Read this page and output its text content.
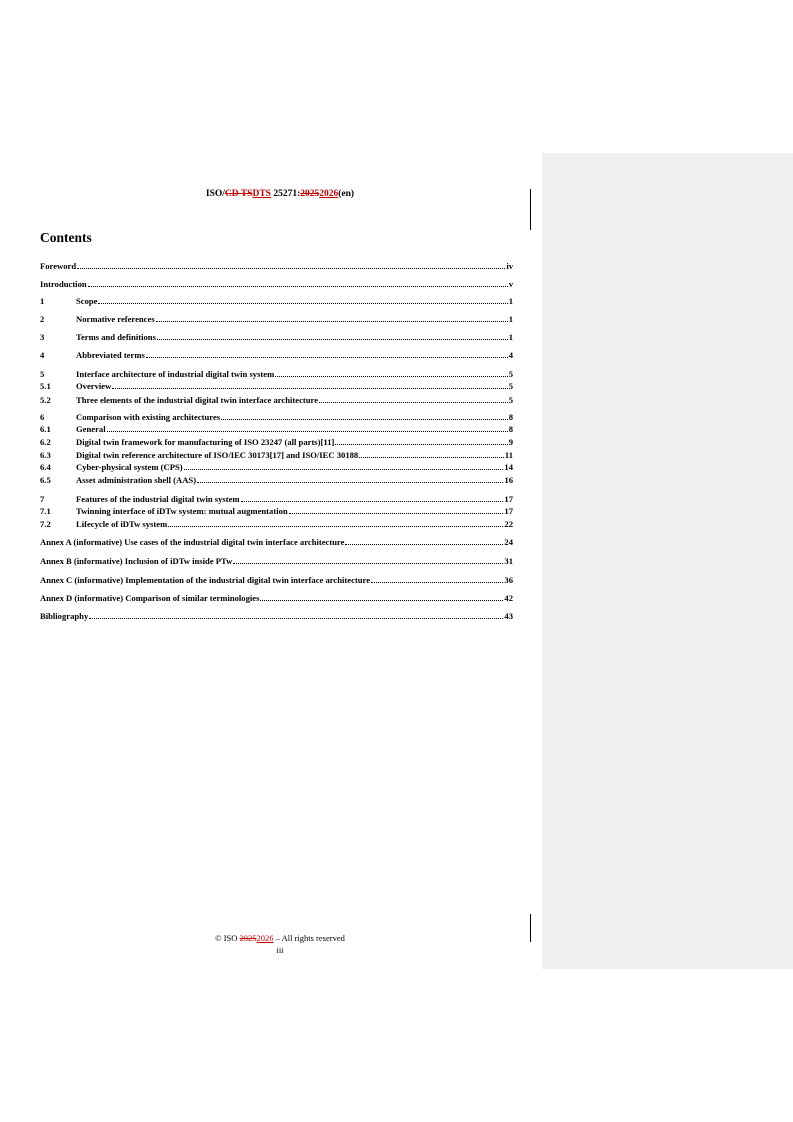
ISO/CD TSDTS 25271:20252026(en)
Contents
Foreword	iv
Introduction	v
1	Scope	1
2	Normative references	1
3	Terms and definitions	1
4	Abbreviated terms	4
5	Interface architecture of industrial digital twin system	5
5.1	Overview	5
5.2	Three elements of the industrial digital twin interface architecture	5
6	Comparison with existing architectures	8
6.1	General	8
6.2	Digital twin framework for manufacturing of ISO 23247 (all parts)[11]	9
6.3	Digital twin reference architecture of ISO/IEC 30173[17] and ISO/IEC 30188	11
6.4	Cyber-physical system (CPS)	14
6.5	Asset administration shell (AAS)	16
7	Features of the industrial digital twin system	17
7.1	Twinning interface of iDTw system: mutual augmentation	17
7.2	Lifecycle of iDTw system	22
Annex A (informative) Use cases of the industrial digital twin interface architecture	24
Annex B (informative) Inclusion of iDTw inside PTw	31
Annex C (informative) Implementation of the industrial digital twin interface architecture	36
Annex D (informative) Comparison of similar terminologies	42
Bibliography	43
© ISO 20252026 – All rights reserved
iii
